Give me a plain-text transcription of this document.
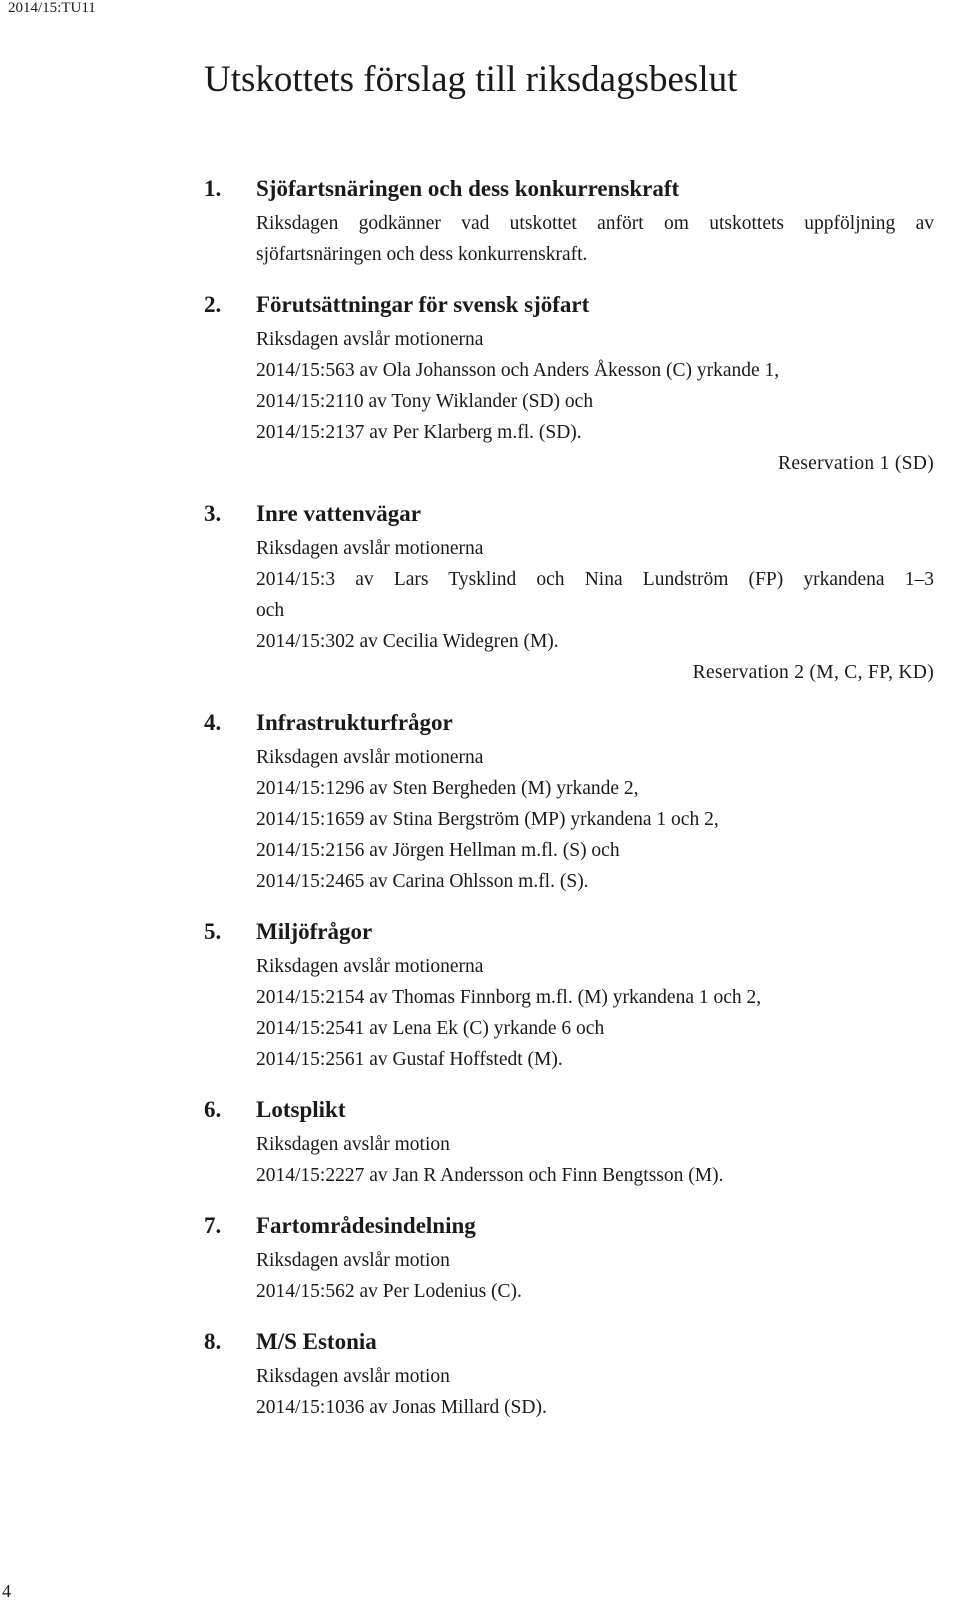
2014/15:TU11
Utskottets förslag till riksdagsbeslut
1. Sjöfartsnäringen och dess konkurrenskraft
Riksdagen godkänner vad utskottet anfört om utskottets uppföljning av
sjöfartsnäringen och dess konkurrenskraft.
2. Förutsättningar för svensk sjöfart
Riksdagen avslår motionerna
2014/15:563 av Ola Johansson och Anders Åkesson (C) yrkande 1,
2014/15:2110 av Tony Wiklander (SD) och
2014/15:2137 av Per Klarberg m.fl. (SD).
Reservation 1 (SD)
3. Inre vattenvägar
Riksdagen avslår motionerna
2014/15:3 av Lars Tysklind och Nina Lundström (FP) yrkandena 1–3
och
2014/15:302 av Cecilia Widegren (M).
Reservation 2 (M, C, FP, KD)
4. Infrastrukturfrågor
Riksdagen avslår motionerna
2014/15:1296 av Sten Bergheden (M) yrkande 2,
2014/15:1659 av Stina Bergström (MP) yrkandena 1 och 2,
2014/15:2156 av Jörgen Hellman m.fl. (S) och
2014/15:2465 av Carina Ohlsson m.fl. (S).
5. Miljöfrågor
Riksdagen avslår motionerna
2014/15:2154 av Thomas Finnborg m.fl. (M) yrkandena 1 och 2,
2014/15:2541 av Lena Ek (C) yrkande 6 och
2014/15:2561 av Gustaf Hoffstedt (M).
6. Lotsplikt
Riksdagen avslår motion
2014/15:2227 av Jan R Andersson och Finn Bengtsson (M).
7. Fartområdesindelning
Riksdagen avslår motion
2014/15:562 av Per Lodenius (C).
8. M/S Estonia
Riksdagen avslår motion
2014/15:1036 av Jonas Millard (SD).
4
